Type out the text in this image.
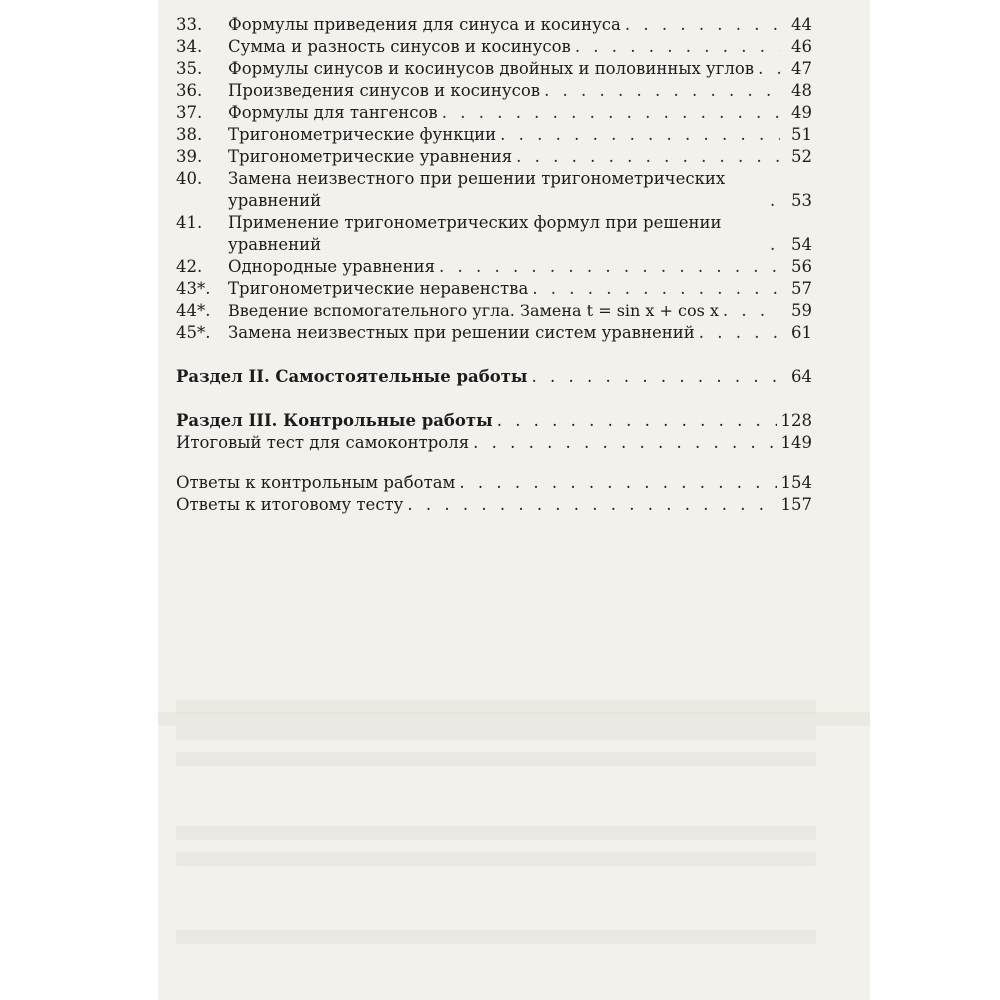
33.	Формулы приведения для синуса и косинуса . . .	44
34.	Сумма и разность синусов и косинусов . . .	46
35.	Формулы синусов и косинусов двойных и половинных углов . . .	47
36.	Произведения синусов и косинусов . . .	48
37.	Формулы для тангенсов . . .	49
38.	Тригонометрические функции . . .	51
39.	Тригонометрические уравнения . . .	52
40.	Замена неизвестного при решении тригонометрических уравнений . . .	53
41.	Применение тригонометрических формул при решении уравнений . . .	54
42.	Однородные уравнения . . .	56
43*.	Тригонометрические неравенства . . .	57
44*.	Введение вспомогательного угла. Замена t = sin x + cos x . . .	59
45*.	Замена неизвестных при решении систем уравнений . . .	61
Раздел II. Самостоятельные работы . . .	64
Раздел III. Контрольные работы . . .	128
Итоговый тест для самоконтроля . . .	149
Ответы к контрольным работам . . .	154
Ответы к итоговому тесту . . .	157
